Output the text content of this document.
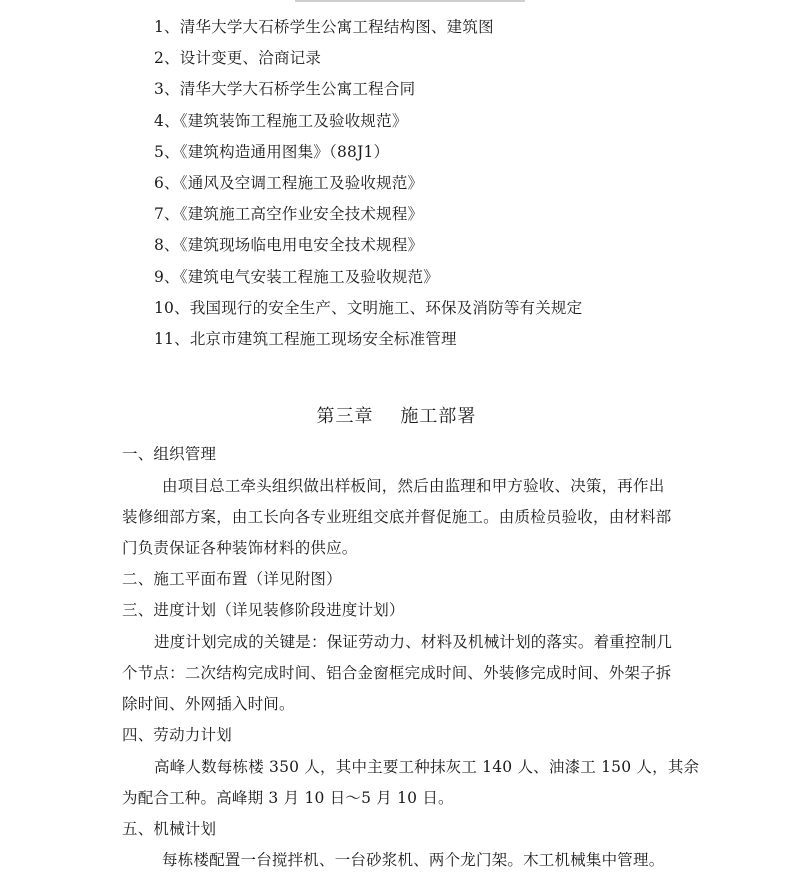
1、清华大学大石桥学生公寓工程结构图、建筑图
2、设计变更、洽商记录
3、清华大学大石桥学生公寓工程合同
4、《建筑装饰工程施工及验收规范》
5、《建筑构造通用图集》（88J1）
6、《通风及空调工程施工及验收规范》
7、《建筑施工高空作业安全技术规程》
8、《建筑现场临电用电安全技术规程》
9、《建筑电气安装工程施工及验收规范》
10、我国现行的安全生产、文明施工、环保及消防等有关规定
11、北京市建筑工程施工现场安全标准管理
第三章    施工部署
一、组织管理
由项目总工牵头组织做出样板间，然后由监理和甲方验收、决策，再作出
装修细部方案，由工长向各专业班组交底并督促施工。由质检员验收，由材料部
门负责保证各种装饰材料的供应。
二、施工平面布置（详见附图）
三、进度计划（详见装修阶段进度计划）
进度计划完成的关键是：保证劳动力、材料及机械计划的落实。着重控制几
个节点：二次结构完成时间、铝合金窗框完成时间、外装修完成时间、外架子拆
除时间、外网插入时间。
四、劳动力计划
高峰人数每栋楼 350 人，其中主要工种抹灰工 140 人、油漆工 150 人，其余
为配合工种。高峰期 3 月 10 日～5 月 10 日。
五、机械计划
每栋楼配置一台搅拌机、一台砂浆机、两个龙门架。木工机械集中管理。
